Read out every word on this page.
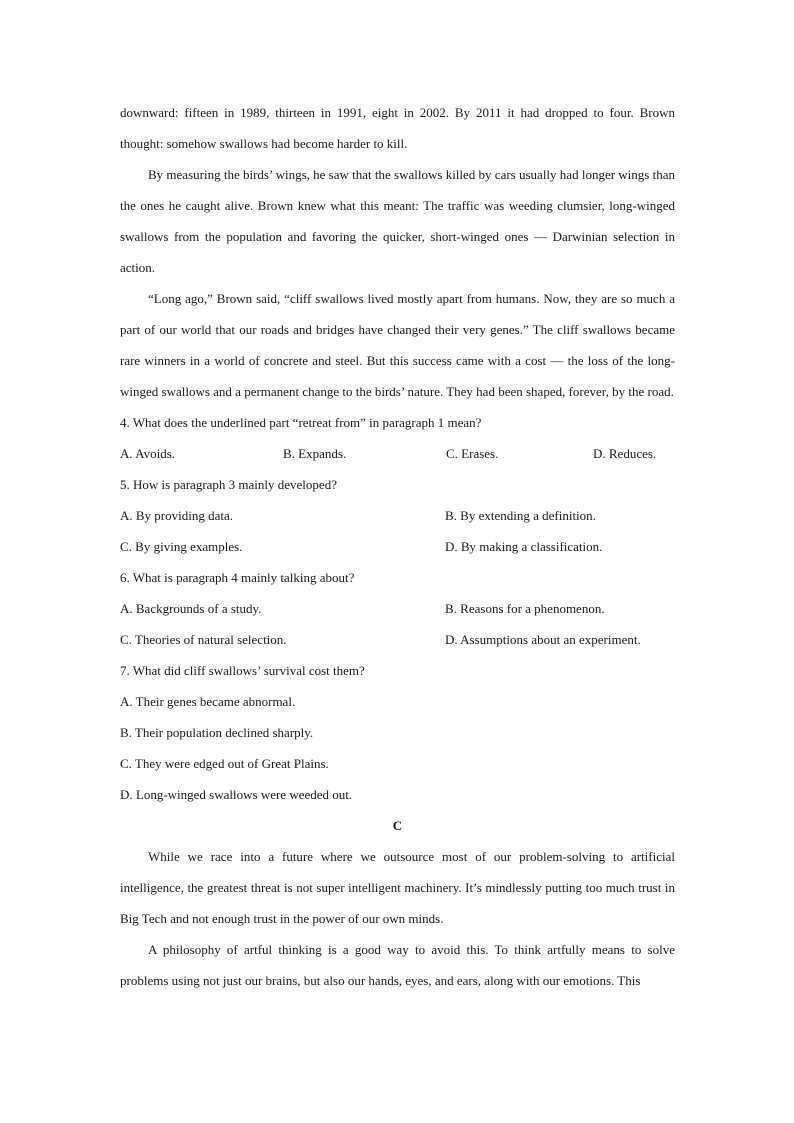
downward: fifteen in 1989, thirteen in 1991, eight in 2002. By 2011 it had dropped to four. Brown thought: somehow swallows had become harder to kill.

By measuring the birds’ wings, he saw that the swallows killed by cars usually had longer wings than the ones he caught alive. Brown knew what this meant: The traffic was weeding clumsier, long-winged swallows from the population and favoring the quicker, short-winged ones — Darwinian selection in action.

“Long ago,” Brown said, “cliff swallows lived mostly apart from humans. Now, they are so much a part of our world that our roads and bridges have changed their very genes.” The cliff swallows became rare winners in a world of concrete and steel. But this success came with a cost — the loss of the long-winged swallows and a permanent change to the birds’ nature. They had been shaped, forever, by the road.

4. What does the underlined part “retreat from” in paragraph 1 mean?

A. Avoids.	B. Expands.	C. Erases.	D. Reduces.

5. How is paragraph 3 mainly developed?

A. By providing data.	B. By extending a definition.
C. By giving examples.	D. By making a classification.

6. What is paragraph 4 mainly talking about?

A. Backgrounds of a study.	B. Reasons for a phenomenon.
C. Theories of natural selection.	D. Assumptions about an experiment.

7. What did cliff swallows’ survival cost them?

A. Their genes became abnormal.

B. Their population declined sharply.

C. They were edged out of Great Plains.

D. Long-winged swallows were weeded out.

C

While we race into a future where we outsource most of our problem-solving to artificial intelligence, the greatest threat is not super intelligent machinery. It’s mindlessly putting too much trust in Big Tech and not enough trust in the power of our own minds.

A philosophy of artful thinking is a good way to avoid this. To think artfully means to solve problems using not just our brains, but also our hands, eyes, and ears, along with our emotions. This
